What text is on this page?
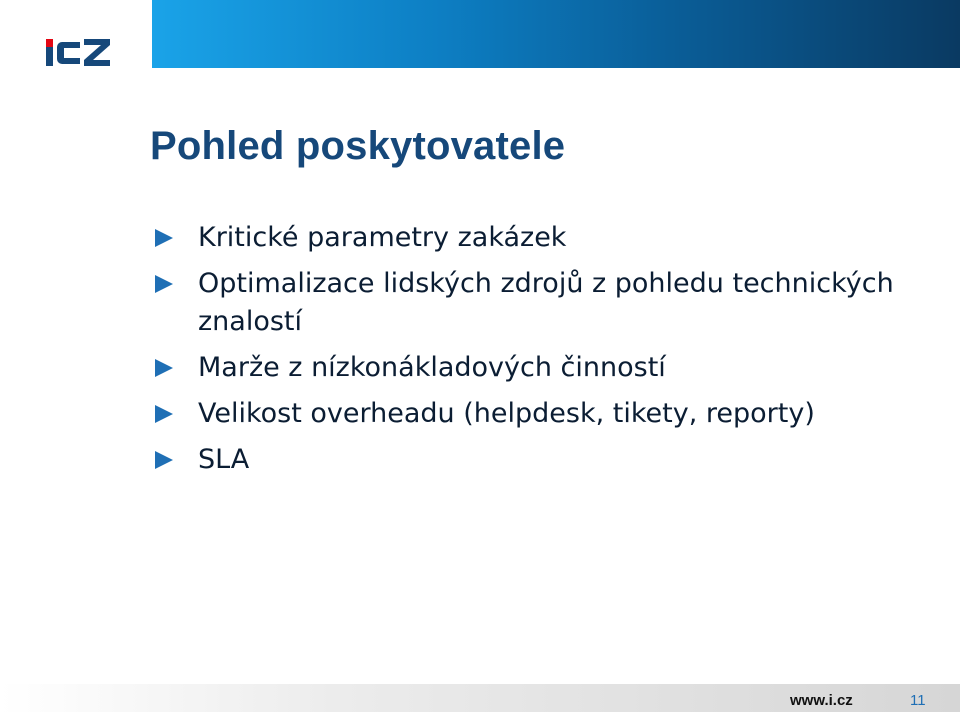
Pohled poskytovatele
Kritické parametry zakázek
Optimalizace lidských zdrojů z pohledu technických znalostí
Marže z nízkonákladových činností
Velikost overheadu (helpdesk, tikety, reporty)
SLA
www.i.cz	11
